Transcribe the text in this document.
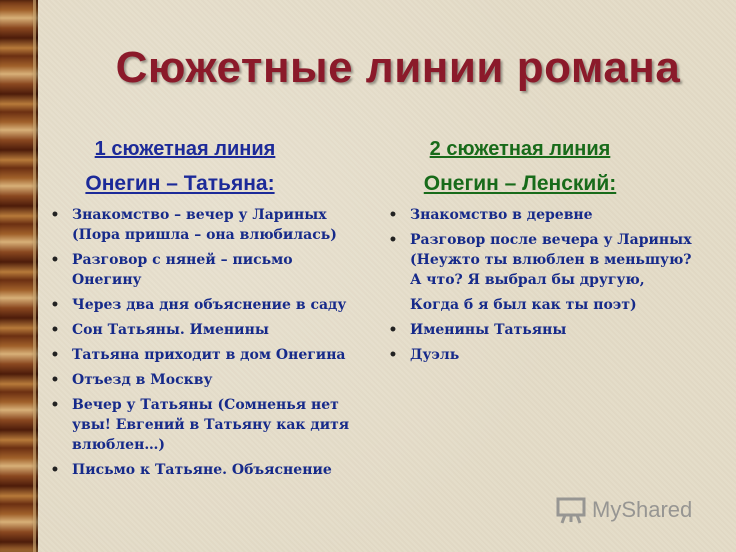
Сюжетные линии романа
1 сюжетная линия
Онегин – Татьяна:
2 сюжетная линия
Онегин – Ленский:
• Знакомство – вечер у Лариных (Пора пришла – она влюбилась)
• Разговор с няней – письмо Онегину
• Через два дня объяснение в саду
• Сон Татьяны. Именины
• Татьяна приходит в дом Онегина
• Отъезд в Москву
• Вечер у Татьяны (Сомненья нет увы! Евгений в Татьяну как дитя влюблен…)
• Письмо к Татьяне. Объяснение
• Знакомство в деревне
• Разговор после вечера у Лариных (Неужто ты влюблен в меньшую? А что? Я выбрал бы другую,
Когда б я был как ты поэт)
• Именины Татьяны
• Дуэль
MyShared
